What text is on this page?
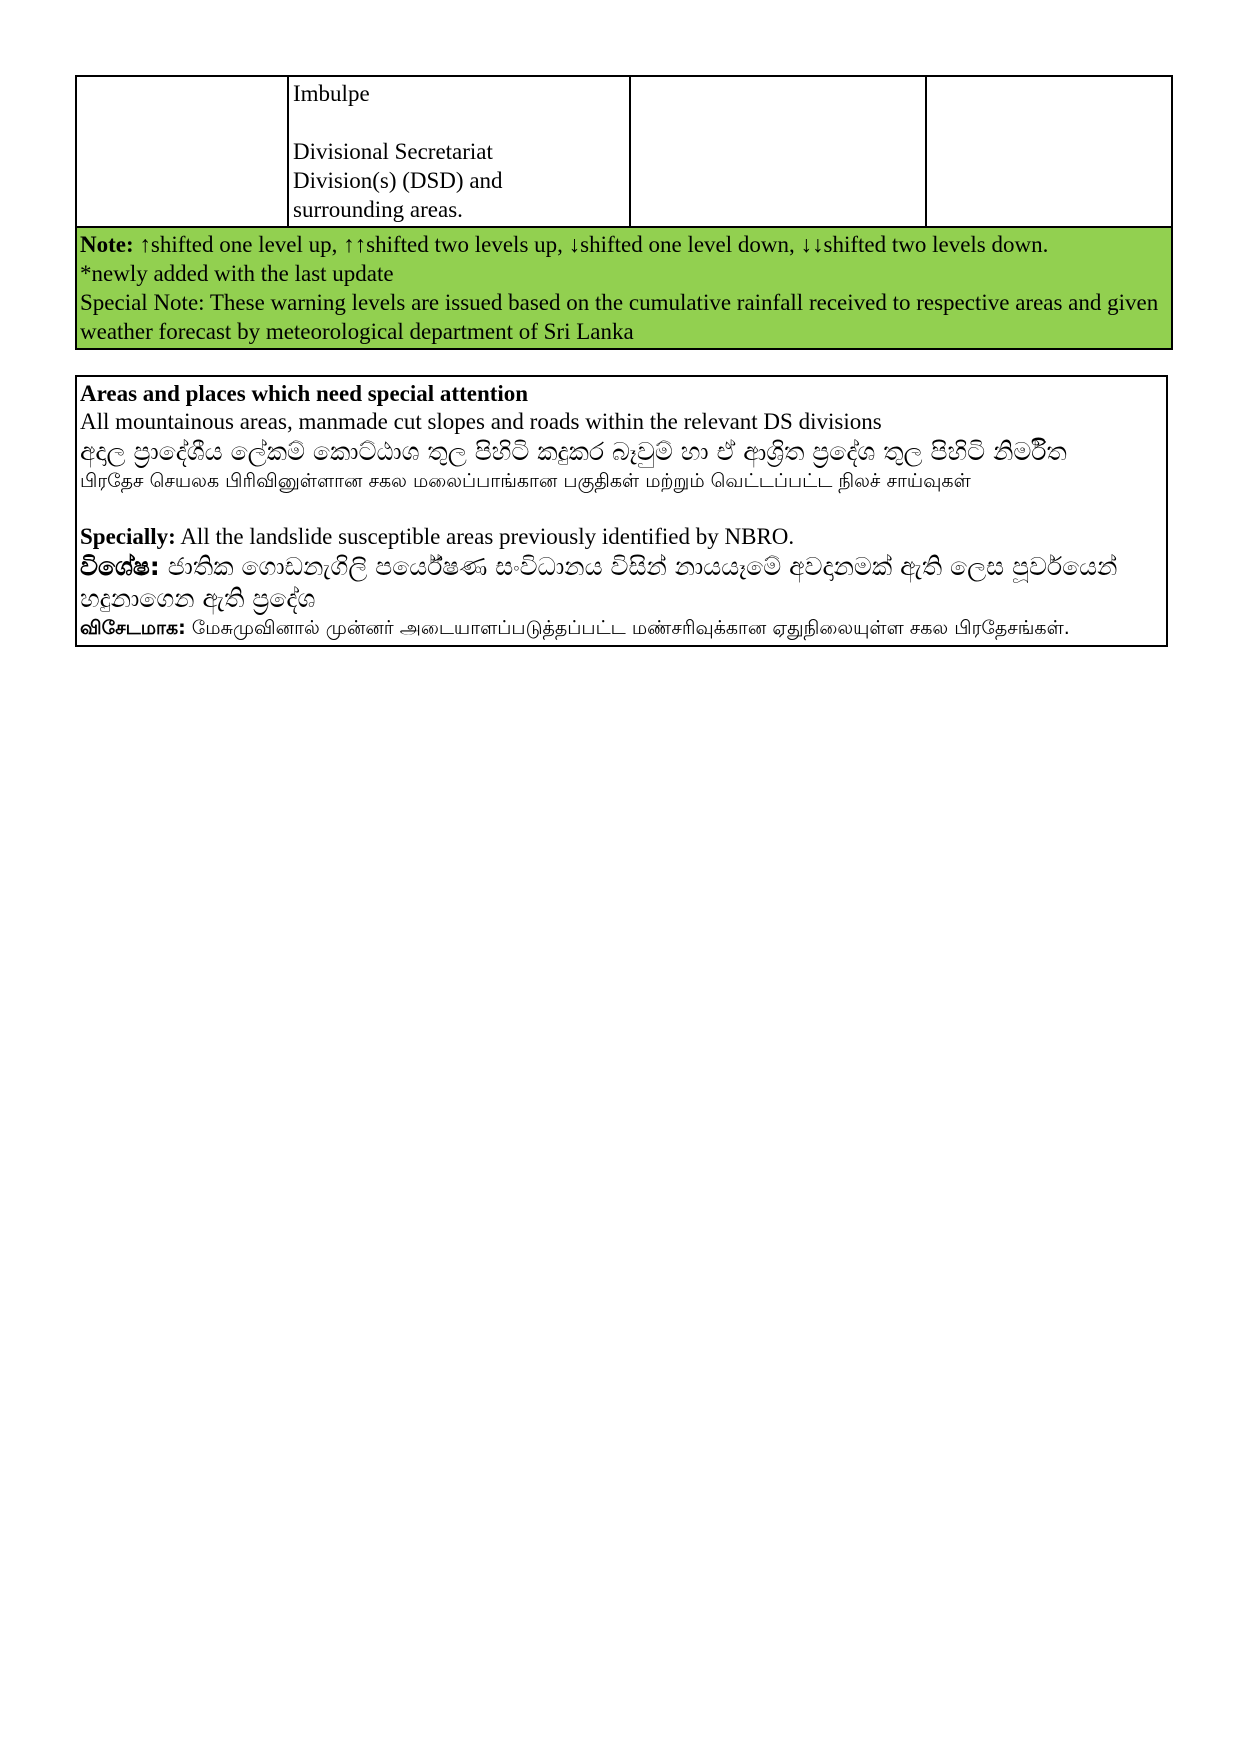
Imbulpe

Divisional Secretariat

Division(s) (DSD) and

surrounding areas.

Note: ↑shifted one level up, ↑↑shifted two levels up, ↓shifted one level down, ↓↓shifted two levels down.
*newly added with the last update
Special Note: These warning levels are issued based on the cumulative rainfall received to respective areas and given weather forecast by meteorological department of Sri Lanka

Areas and places which need special attention

All mountainous areas, manmade cut slopes and roads within the relevant DS divisions

අදාල ප්‍රාදේශීය ලේකම් කොට්ඨාශ තුල පිහිටි කදුකර බෑවුම් හා ඒ ආශ්‍රිත ප්‍රදේශ තුල පිහිටි නිර්මිත

பிரதேச செயலக பிரிவினுள்ளான சகல மலைப்பாங்கான பகுதிகள் மற்றும் வெட்டப்பட்ட நிலச் சாய்வுகள்

Specially: All the landslide susceptible areas previously identified by NBRO.

විශේෂ: ජාතික ගොඩනැගිලි පර්යේෂණ සංවිධානය විසින් නායයෑමේ අවදානමක් ඇති ලෙස පූර්වයෙන් හදුනාගෙන ඇති ප්‍රදේශ

விசேடமாக: மேசுமுவினால் முன்னர் அடையாளப்படுத்தப்பட்ட மண்சரிவுக்கான ஏதுநிலையுள்ள சகல பிரதேசங்கள்.
